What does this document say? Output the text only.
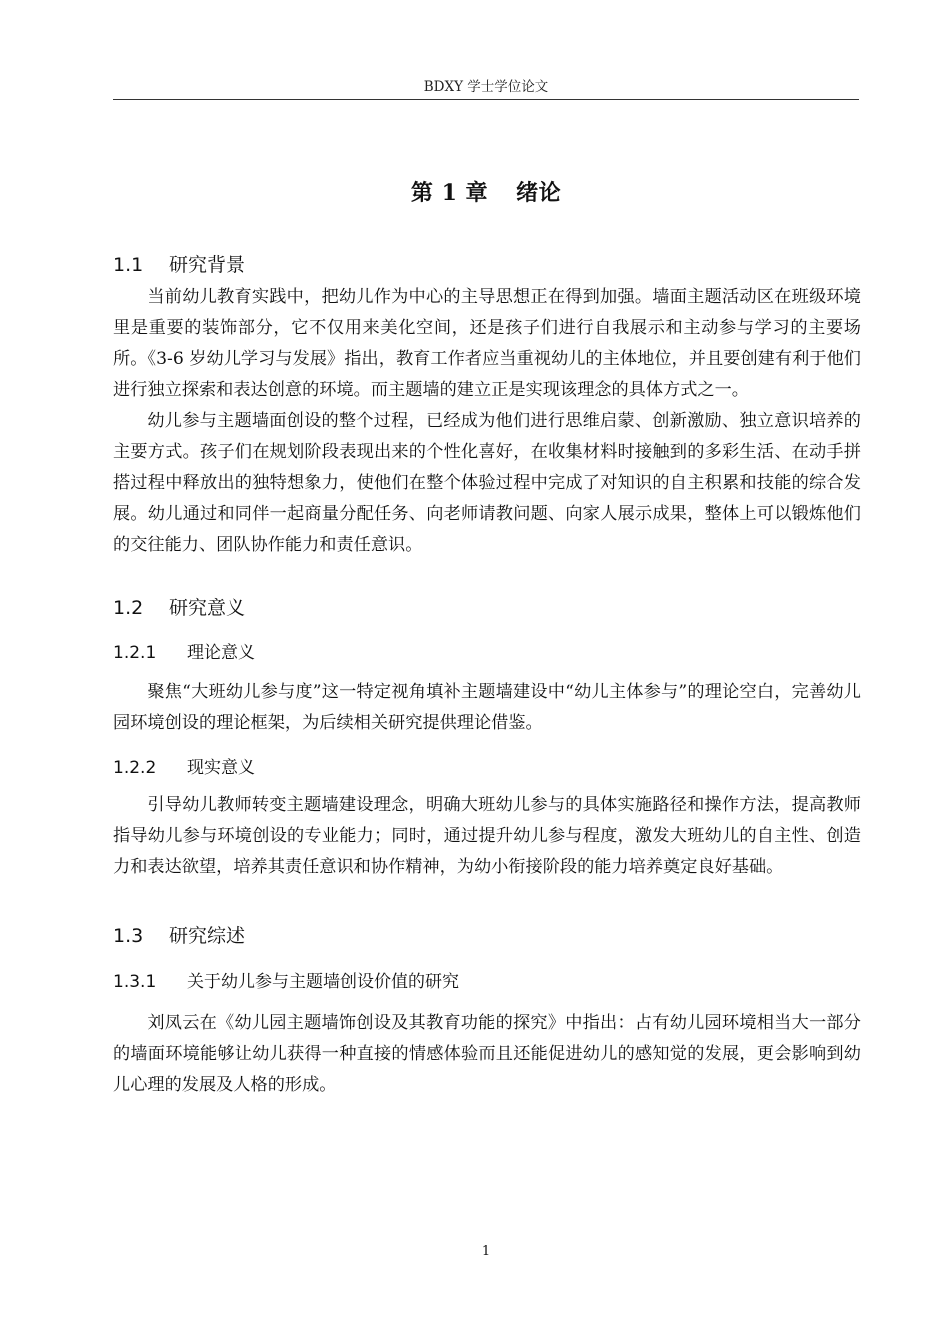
BDXY 学士学位论文
第 1 章 绪论
1.1 研究背景

当前幼儿教育实践中，把幼儿作为中心的主导思想正在得到加强。墙面主题活动区在班级环境里是重要的装饰部分，它不仅用来美化空间，还是孩子们进行自我展示和主动参与学习的主要场所。《3-6 岁幼儿学习与发展》指出，教育工作者应当重视幼儿的主体地位，并且要创建有利于他们进行独立探索和表达创意的环境。而主题墙的建立正是实现该理念的具体方式之一。

幼儿参与主题墙面创设的整个过程，已经成为他们进行思维启蒙、创新激励、独立意识培养的主要方式。孩子们在规划阶段表现出来的个性化喜好，在收集材料时接触到的多彩生活、在动手拼搭过程中释放出的独特想象力，使他们在整个体验过程中完成了对知识的自主积累和技能的综合发展。幼儿通过和同伴一起商量分配任务、向老师请教问题、向家人展示成果，整体上可以锻炼他们的交往能力、团队协作能力和责任意识。

1.2 研究意义
1.2.1 理论意义

聚焦“大班幼儿参与度”这一特定视角填补主题墙建设中“幼儿主体参与”的理论空白，完善幼儿园环境创设的理论框架，为后续相关研究提供理论借鉴。

1.2.2 现实意义

引导幼儿教师转变主题墙建设理念，明确大班幼儿参与的具体实施路径和操作方法，提高教师指导幼儿参与环境创设的专业能力；同时，通过提升幼儿参与程度，激发大班幼儿的自主性、创造力和表达欲望，培养其责任意识和协作精神，为幼小衔接阶段的能力培养奠定良好基础。

1.3 研究综述
1.3.1 关于幼儿参与主题墙创设价值的研究

刘凤云在《幼儿园主题墙饰创设及其教育功能的探究》中指出：占有幼儿园环境相当大一部分的墙面环境能够让幼儿获得一种直接的情感体验而且还能促进幼儿的感知觉的发展，更会影响到幼儿心理的发展及人格的形成。

1
